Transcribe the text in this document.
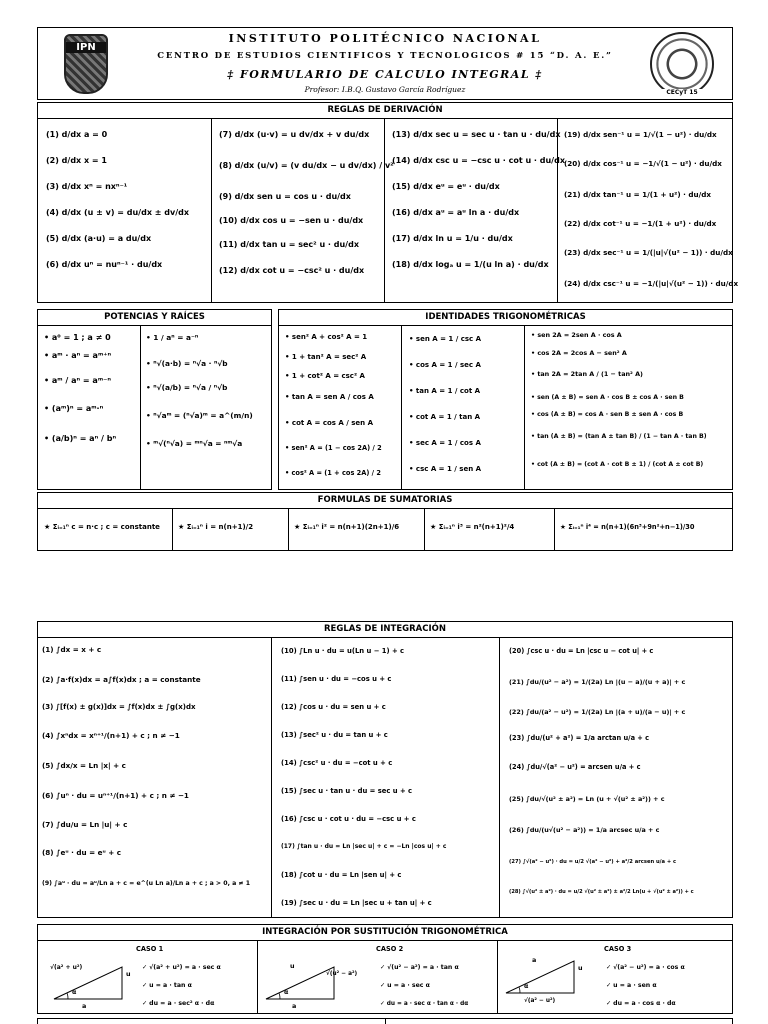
IPN
INSTITUTO POLITÉCNICO NACIONAL
CENTRO DE ESTUDIOS CIENTIFICOS Y TECNOLOGICOS # 15 “D. A. E.”
‡ FORMULARIO DE CALCULO INTEGRAL ‡
Profesor: I.B.Q. Gustavo García Rodríguez	CECyT 15
REGLAS DE DERIVACIÓN
(1) d/dx a = 0
(2) d/dx x = 1
(3) d/dx xⁿ = nxⁿ⁻¹
(4) d/dx (u ± v) = du/dx ± dv/dx
(5) d/dx (a·u) = a du/dx
(6) d/dx uⁿ = nuⁿ⁻¹ · du/dx
(7) d/dx (u·v) = u dv/dx + v du/dx
(8) d/dx (u/v) = (v du/dx − u dv/dx) / v²
(9) d/dx sen u = cos u · du/dx
(10) d/dx cos u = −sen u · du/dx
(11) d/dx tan u = sec² u · du/dx
(12) d/dx cot u = −csc² u · du/dx
(13) d/dx sec u = sec u · tan u · du/dx
(14) d/dx csc u = −csc u · cot u · du/dx
(15) d/dx eᵘ = eᵘ · du/dx
(16) d/dx aᵘ = aᵘ ln a · du/dx
(17) d/dx ln u = 1/u · du/dx
(18) d/dx logₐ u = 1/(u ln a) · du/dx
(19) d/dx sen⁻¹ u = 1/√(1 − u²) · du/dx
(20) d/dx cos⁻¹ u = −1/√(1 − u²) · du/dx
(21) d/dx tan⁻¹ u = 1/(1 + u²) · du/dx
(22) d/dx cot⁻¹ u = −1/(1 + u²) · du/dx
(23) d/dx sec⁻¹ u = 1/(|u|√(u² − 1)) · du/dx
(24) d/dx csc⁻¹ u = −1/(|u|√(u² − 1)) · du/dx
POTENCIAS Y RAÍCES
• a⁰ = 1 ; a ≠ 0
• aᵐ · aⁿ = aᵐ⁺ⁿ
• aᵐ / aⁿ = aᵐ⁻ⁿ
• (aᵐ)ⁿ = aᵐ·ⁿ
• (a/b)ⁿ = aⁿ / bⁿ
• 1 / aⁿ = a⁻ⁿ
• ⁿ√(a·b) = ⁿ√a · ⁿ√b
• ⁿ√(a/b) = ⁿ√a / ⁿ√b
• ⁿ√aᵐ = (ⁿ√a)ᵐ = a^(m/n)
• ᵐ√(ⁿ√a) = ᵐⁿ√a = ⁿᵐ√a
IDENTIDADES TRIGONOMÉTRICAS
• sen² A + cos² A = 1
• 1 + tan² A = sec² A
• 1 + cot² A = csc² A
• tan A = sen A / cos A
• cot A = cos A / sen A
• sen² A = (1 − cos 2A) / 2
• cos² A = (1 + cos 2A) / 2
• sen A = 1 / csc A
• cos A = 1 / sec A
• tan A = 1 / cot A
• cot A = 1 / tan A
• sec A = 1 / cos A
• csc A = 1 / sen A
• sen 2A = 2sen A · cos A
• cos 2A = 2cos A − sen² A
• tan 2A = 2tan A / (1 − tan² A)
• sen (A ± B) = sen A · cos B ± cos A · sen B
• cos (A ± B) = cos A · sen B ± sen A · cos B
• tan (A ± B) = (tan A ± tan B) / (1 − tan A · tan B)
• cot (A ± B) = (cot A · cot B ± 1) / (cot A ± cot B)
FORMULAS DE SUMATORIAS
★ Σᵢ₌₁ⁿ c = n·c ; c = constante	★ Σᵢ₌₁ⁿ i = n(n+1)/2	★ Σᵢ₌₁ⁿ i² = n(n+1)(2n+1)/6	★ Σᵢ₌₁ⁿ i³ = n²(n+1)²/4	★ Σᵢ₌₁ⁿ i⁴ = n(n+1)(6n³+9n²+n−1)/30
REGLAS DE INTEGRACIÓN
(1) ∫dx = x + c
(2) ∫a·f(x)dx = a∫f(x)dx ; a = constante
(3) ∫[f(x) ± g(x)]dx = ∫f(x)dx ± ∫g(x)dx
(4) ∫xⁿdx = xⁿ⁺¹/(n+1) + c ; n ≠ −1
(5) ∫dx/x = Ln |x| + c
(6) ∫uⁿ · du = uⁿ⁺¹/(n+1) + c ; n ≠ −1
(7) ∫du/u = Ln |u| + c
(8) ∫eᵘ · du = eᵘ + c
(9) ∫aᵘ · du = aᵘ/Ln a + c = e^(u Ln a)/Ln a + c ; a > 0, a ≠ 1
(10) ∫Ln u · du = u(Ln u − 1) + c
(11) ∫sen u · du = −cos u + c
(12) ∫cos u · du = sen u + c
(13) ∫sec² u · du = tan u + c
(14) ∫csc² u · du = −cot u + c
(15) ∫sec u · tan u · du = sec u + c
(16) ∫csc u · cot u · du = −csc u + c
(17) ∫tan u · du = Ln |sec u| + c = −Ln |cos u| + c
(18) ∫cot u · du = Ln |sen u| + c
(19) ∫sec u · du = Ln |sec u + tan u| + c
(20) ∫csc u · du = Ln |csc u − cot u| + c
(21) ∫du/(u² − a²) = 1/(2a) Ln |(u − a)/(u + a)| + c
(22) ∫du/(a² − u²) = 1/(2a) Ln |(a + u)/(a − u)| + c
(23) ∫du/(u² + a²) = 1/a arctan u/a + c
(24) ∫du/√(a² − u²) = arcsen u/a + c
(25) ∫du/√(u² ± a²) = Ln (u + √(u² ± a²)) + c
(26) ∫du/(u√(u² − a²)) = 1/a arcsec u/a + c
(27) ∫√(a² − u²) · du = u/2 √(a² − u²) + a²/2 arcsen u/a + c
(28) ∫√(u² ± a²) · du = u/2 √(u² ± a²) ± a²/2 Ln(u + √(u² ± a²)) + c
INTEGRACIÓN POR SUSTITUCIÓN TRIGONOMÉTRICA
CASO 1
√(a² + u²)
u
a
α
✓ √(a² + u²) = a · sec α
✓ u = a · tan α
✓ du = a · sec² α · dα
CASO 2
u
√(u² − a²)
a
α
✓ √(u² − a²) = a · tan α
✓ u = a · sec α
✓ du = a · sec α · tan α · dα
CASO 3
a
u
√(a² − u²)
α
✓ √(a² − u²) = a · cos α
✓ u = a · sen α
✓ du = a · cos α · dα
